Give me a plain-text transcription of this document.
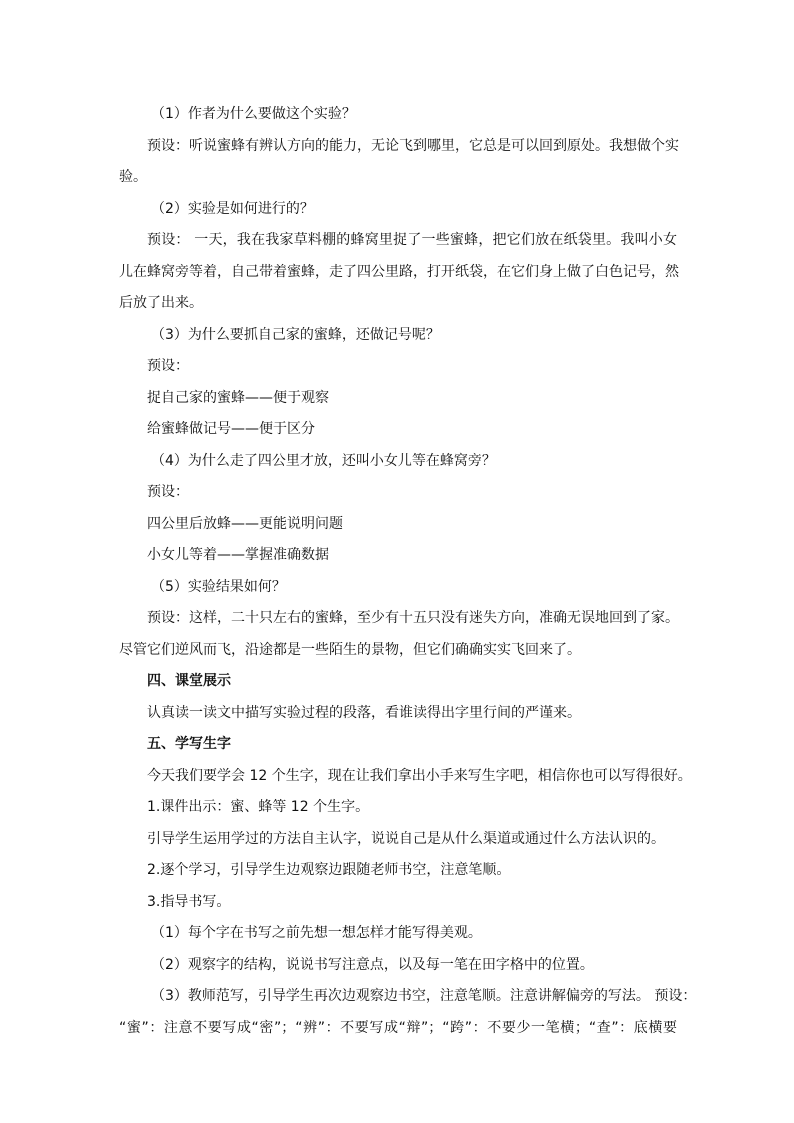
（1）作者为什么要做这个实验？
预设：听说蜜蜂有辨认方向的能力，无论飞到哪里，它总是可以回到原处。我想做个实
验。
（2）实验是如何进行的？
预设： 一天，我在我家草料棚的蜂窝里捉了一些蜜蜂，把它们放在纸袋里。我叫小女
儿在蜂窝旁等着，自己带着蜜蜂，走了四公里路，打开纸袋，在它们身上做了白色记号，然
后放了出来。
（3）为什么要抓自己家的蜜蜂，还做记号呢？
预设：
捉自己家的蜜蜂——便于观察
给蜜蜂做记号——便于区分
（4）为什么走了四公里才放，还叫小女儿等在蜂窝旁？
预设：
四公里后放蜂——更能说明问题
小女儿等着——掌握准确数据
（5）实验结果如何？
预设：这样，二十只左右的蜜蜂，至少有十五只没有迷失方向，准确无误地回到了家。
尽管它们逆风而飞，沿途都是一些陌生的景物，但它们确确实实飞回来了。
四、课堂展示
认真读一读文中描写实验过程的段落，看谁读得出字里行间的严谨来。
五、学写生字
今天我们要学会 12 个生字，现在让我们拿出小手来写生字吧，相信你也可以写得很好。
1.课件出示：蜜、蜂等 12 个生字。
引导学生运用学过的方法自主认字，说说自己是从什么渠道或通过什么方法认识的。
2.逐个学习，引导学生边观察边跟随老师书空，注意笔顺。
3.指导书写。
（1）每个字在书写之前先想一想怎样才能写得美观。
（2）观察字的结构，说说书写注意点，以及每一笔在田字格中的位置。
（3）教师范写，引导学生再次边观察边书空，注意笔顺。注意讲解偏旁的写法。 预设：
“蜜”：注意不要写成“密”；“辨”：不要写成“辩”；“跨”：不要少一笔横；“查”：底横要
